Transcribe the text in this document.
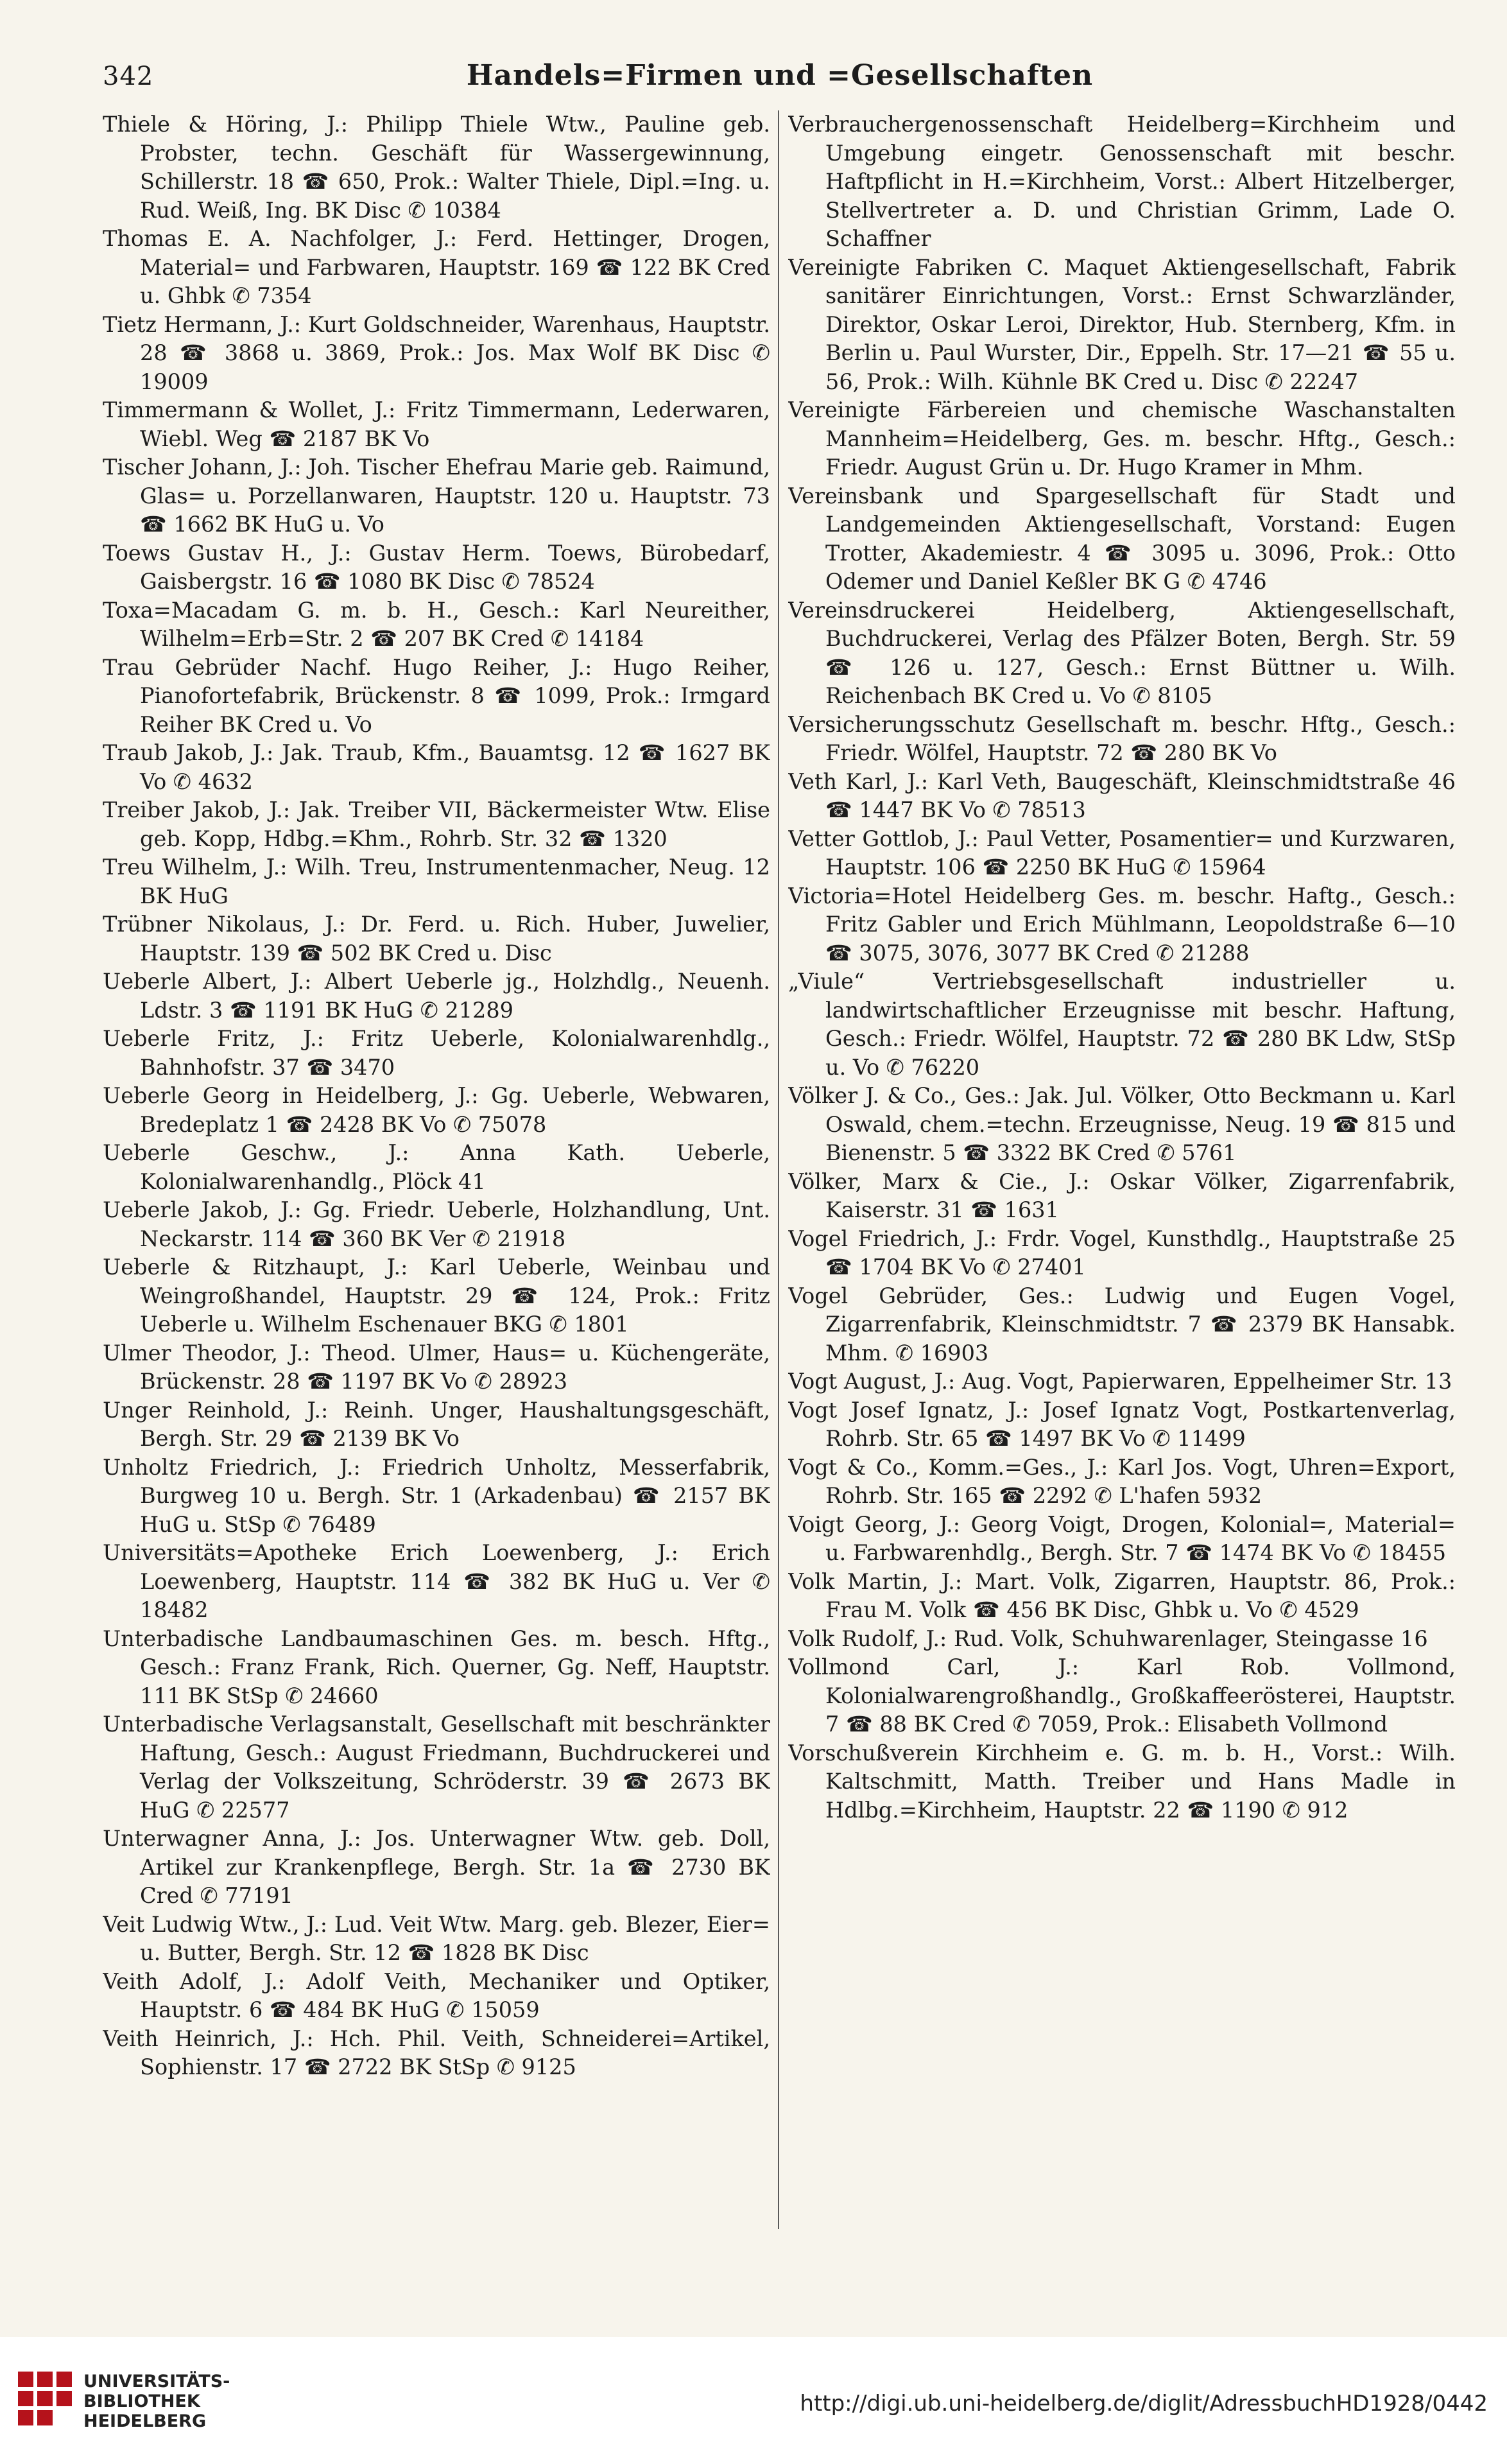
342	Handels=Firmen und =Gesellschaften
Thiele & Höring, J.: Philipp Thiele Wtw., Pauline geb. Probster, techn. Geschäft für Wassergewinnung, Schillerstr. 18 ☎ 650, Prok.: Walter Thiele, Dipl.=Ing. u. Rud. Weiß, Ing. BK Disc ✆ 10384
Thomas E. A. Nachfolger, J.: Ferd. Hettinger, Drogen, Material= und Farbwaren, Hauptstr. 169 ☎ 122 BK Cred u. Ghbk ✆ 7354
Tietz Hermann, J.: Kurt Goldschneider, Warenhaus, Hauptstr. 28 ☎ 3868 u. 3869, Prok.: Jos. Max Wolf BK Disc ✆ 19009
Timmermann & Wollet, J.: Fritz Timmermann, Lederwaren, Wiebl. Weg ☎ 2187 BK Vo
Tischer Johann, J.: Joh. Tischer Ehefrau Marie geb. Raimund, Glas= u. Porzellanwaren, Hauptstr. 120 u. Hauptstr. 73 ☎ 1662 BK HuG u. Vo
Toews Gustav H., J.: Gustav Herm. Toews, Bürobedarf, Gaisbergstr. 16 ☎ 1080 BK Disc ✆ 78524
Toxa=Macadam G. m. b. H., Gesch.: Karl Neureither, Wilhelm=Erb=Str. 2 ☎ 207 BK Cred ✆ 14184
Trau Gebrüder Nachf. Hugo Reiher, J.: Hugo Reiher, Pianofortefabrik, Brückenstr. 8 ☎ 1099, Prok.: Irmgard Reiher BK Cred u. Vo
Traub Jakob, J.: Jak. Traub, Kfm., Bauamtsg. 12 ☎ 1627 BK Vo ✆ 4632
Treiber Jakob, J.: Jak. Treiber VII, Bäckermeister Wtw. Elise geb. Kopp, Hdbg.=Khm., Rohrb. Str. 32 ☎ 1320
Treu Wilhelm, J.: Wilh. Treu, Instrumentenmacher, Neug. 12 BK HuG
Trübner Nikolaus, J.: Dr. Ferd. u. Rich. Huber, Juwelier, Hauptstr. 139 ☎ 502 BK Cred u. Disc
Ueberle Albert, J.: Albert Ueberle jg., Holzhdlg., Neuenh. Ldstr. 3 ☎ 1191 BK HuG ✆ 21289
Ueberle Fritz, J.: Fritz Ueberle, Kolonialwarenhdlg., Bahnhofstr. 37 ☎ 3470
Ueberle Georg in Heidelberg, J.: Gg. Ueberle, Webwaren, Bredeplatz 1 ☎ 2428 BK Vo ✆ 75078
Ueberle Geschw., J.: Anna Kath. Ueberle, Kolonialwarenhandlg., Plöck 41
Ueberle Jakob, J.: Gg. Friedr. Ueberle, Holzhandlung, Unt. Neckarstr. 114 ☎ 360 BK Ver ✆ 21918
Ueberle & Ritzhaupt, J.: Karl Ueberle, Weinbau und Weingroßhandel, Hauptstr. 29 ☎ 124, Prok.: Fritz Ueberle u. Wilhelm Eschenauer BKG ✆ 1801
Ulmer Theodor, J.: Theod. Ulmer, Haus= u. Küchengeräte, Brückenstr. 28 ☎ 1197 BK Vo ✆ 28923
Unger Reinhold, J.: Reinh. Unger, Haushaltungsgeschäft, Bergh. Str. 29 ☎ 2139 BK Vo
Unholtz Friedrich, J.: Friedrich Unholtz, Messerfabrik, Burgweg 10 u. Bergh. Str. 1 (Arkadenbau) ☎ 2157 BK HuG u. StSp ✆ 76489
Universitäts=Apotheke Erich Loewenberg, J.: Erich Loewenberg, Hauptstr. 114 ☎ 382 BK HuG u. Ver ✆ 18482
Unterbadische Landbaumaschinen Ges. m. besch. Hftg., Gesch.: Franz Frank, Rich. Querner, Gg. Neff, Hauptstr. 111 BK StSp ✆ 24660
Unterbadische Verlagsanstalt, Gesellschaft mit beschränkter Haftung, Gesch.: August Friedmann, Buchdruckerei und Verlag der Volkszeitung, Schröderstr. 39 ☎ 2673 BK HuG ✆ 22577
Unterwagner Anna, J.: Jos. Unterwagner Wtw. geb. Doll, Artikel zur Krankenpflege, Bergh. Str. 1a ☎ 2730 BK Cred ✆ 77191
Veit Ludwig Wtw., J.: Lud. Veit Wtw. Marg. geb. Blezer, Eier= u. Butter, Bergh. Str. 12 ☎ 1828 BK Disc
Veith Adolf, J.: Adolf Veith, Mechaniker und Optiker, Hauptstr. 6 ☎ 484 BK HuG ✆ 15059
Veith Heinrich, J.: Hch. Phil. Veith, Schneiderei=Artikel, Sophienstr. 17 ☎ 2722 BK StSp ✆ 9125
Verbrauchergenossenschaft Heidelberg=Kirchheim und Umgebung eingetr. Genossenschaft mit beschr. Haftpflicht in H.=Kirchheim, Vorst.: Albert Hitzelberger, Stellvertreter a. D. und Christian Grimm, Lade O. Schaffner
Vereinigte Fabriken C. Maquet Aktiengesellschaft, Fabrik sanitärer Einrichtungen, Vorst.: Ernst Schwarzländer, Direktor, Oskar Leroi, Direktor, Hub. Sternberg, Kfm. in Berlin u. Paul Wurster, Dir., Eppelh. Str. 17—21 ☎ 55 u. 56, Prok.: Wilh. Kühnle BK Cred u. Disc ✆ 22247
Vereinigte Färbereien und chemische Waschanstalten Mannheim=Heidelberg, Ges. m. beschr. Hftg., Gesch.: Friedr. August Grün u. Dr. Hugo Kramer in Mhm.
Vereinsbank und Spargesellschaft für Stadt und Landgemeinden Aktiengesellschaft, Vorstand: Eugen Trotter, Akademiestr. 4 ☎ 3095 u. 3096, Prok.: Otto Odemer und Daniel Keßler BK G ✆ 4746
Vereinsdruckerei Heidelberg, Aktiengesellschaft, Buchdruckerei, Verlag des Pfälzer Boten, Bergh. Str. 59 ☎ 126 u. 127, Gesch.: Ernst Büttner u. Wilh. Reichenbach BK Cred u. Vo ✆ 8105
Versicherungsschutz Gesellschaft m. beschr. Hftg., Gesch.: Friedr. Wölfel, Hauptstr. 72 ☎ 280 BK Vo
Veth Karl, J.: Karl Veth, Baugeschäft, Kleinschmidtstraße 46 ☎ 1447 BK Vo ✆ 78513
Vetter Gottlob, J.: Paul Vetter, Posamentier= und Kurzwaren, Hauptstr. 106 ☎ 2250 BK HuG ✆ 15964
Victoria=Hotel Heidelberg Ges. m. beschr. Haftg., Gesch.: Fritz Gabler und Erich Mühlmann, Leopoldstraße 6—10 ☎ 3075, 3076, 3077 BK Cred ✆ 21288
„Viule“ Vertriebsgesellschaft industrieller u. landwirtschaftlicher Erzeugnisse mit beschr. Haftung, Gesch.: Friedr. Wölfel, Hauptstr. 72 ☎ 280 BK Ldw, StSp u. Vo ✆ 76220
Völker J. & Co., Ges.: Jak. Jul. Völker, Otto Beckmann u. Karl Oswald, chem.=techn. Erzeugnisse, Neug. 19 ☎ 815 und Bienenstr. 5 ☎ 3322 BK Cred ✆ 5761
Völker, Marx & Cie., J.: Oskar Völker, Zigarrenfabrik, Kaiserstr. 31 ☎ 1631
Vogel Friedrich, J.: Frdr. Vogel, Kunsthdlg., Hauptstraße 25 ☎ 1704 BK Vo ✆ 27401
Vogel Gebrüder, Ges.: Ludwig und Eugen Vogel, Zigarrenfabrik, Kleinschmidtstr. 7 ☎ 2379 BK Hansabk. Mhm. ✆ 16903
Vogt August, J.: Aug. Vogt, Papierwaren, Eppelheimer Str. 13
Vogt Josef Ignatz, J.: Josef Ignatz Vogt, Postkartenverlag, Rohrb. Str. 65 ☎ 1497 BK Vo ✆ 11499
Vogt & Co., Komm.=Ges., J.: Karl Jos. Vogt, Uhren=Export, Rohrb. Str. 165 ☎ 2292 ✆ L'hafen 5932
Voigt Georg, J.: Georg Voigt, Drogen, Kolonial=, Material= u. Farbwarenhdlg., Bergh. Str. 7 ☎ 1474 BK Vo ✆ 18455
Volk Martin, J.: Mart. Volk, Zigarren, Hauptstr. 86, Prok.: Frau M. Volk ☎ 456 BK Disc, Ghbk u. Vo ✆ 4529
Volk Rudolf, J.: Rud. Volk, Schuhwarenlager, Steingasse 16
Vollmond Carl, J.: Karl Rob. Vollmond, Kolonialwarengroßhandlg., Großkaffeerösterei, Hauptstr. 7 ☎ 88 BK Cred ✆ 7059, Prok.: Elisabeth Vollmond
Vorschußverein Kirchheim e. G. m. b. H., Vorst.: Wilh. Kaltschmitt, Matth. Treiber und Hans Madle in Hdlbg.=Kirchheim, Hauptstr. 22 ☎ 1190 ✆ 912
UNIVERSITÄTS-
BIBLIOTHEK
HEIDELBERG
http://digi.ub.uni-heidelberg.de/diglit/AdressbuchHD1928/0442
